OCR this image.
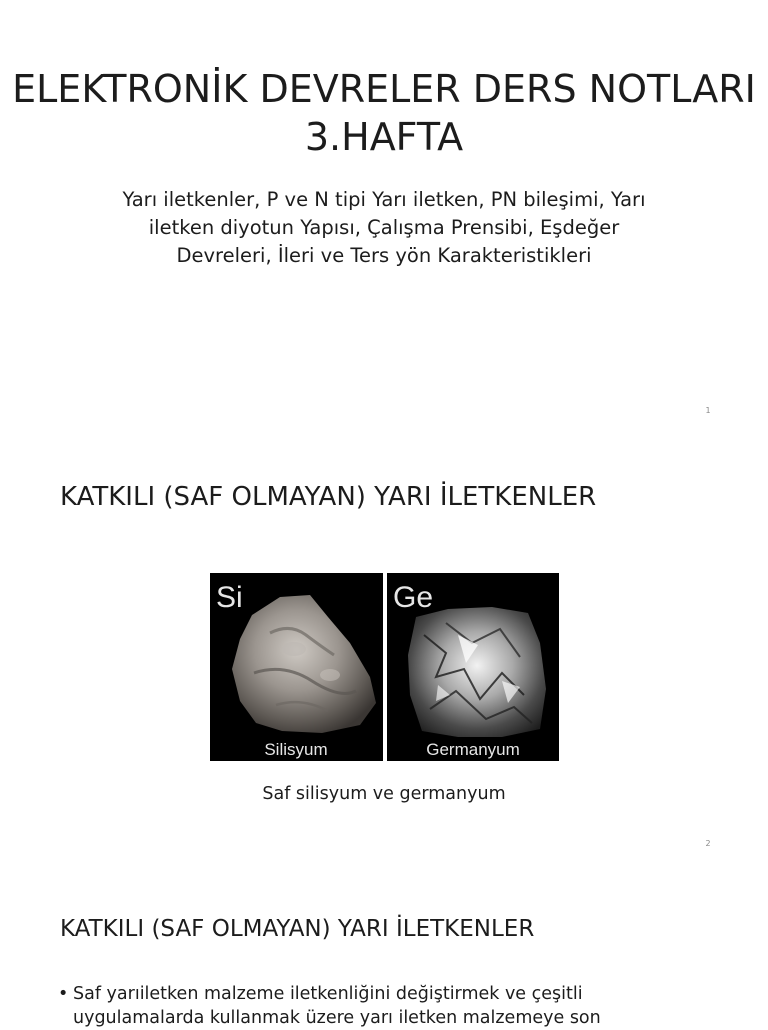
ELEKTRONİK DEVRELER DERS NOTLARI
3.HAFTA
Yarı iletkenler, P ve N tipi Yarı iletken, PN bileşimi, Yarı
iletken diyotun Yapısı, Çalışma Prensibi, Eşdeğer
Devreleri, İleri ve Ters yön Karakteristikleri
1
KATKILI (SAF OLMAYAN) YARI İLETKENLER
Si
Silisyum
Ge
Germanyum
Saf silisyum ve germanyum
2
KATKILI (SAF OLMAYAN) YARI İLETKENLER
• Saf yarıiletken malzeme iletkenliğini değiştirmek ve çeşitli
uygulamalarda kullanmak üzere yarı iletken malzemeye son
